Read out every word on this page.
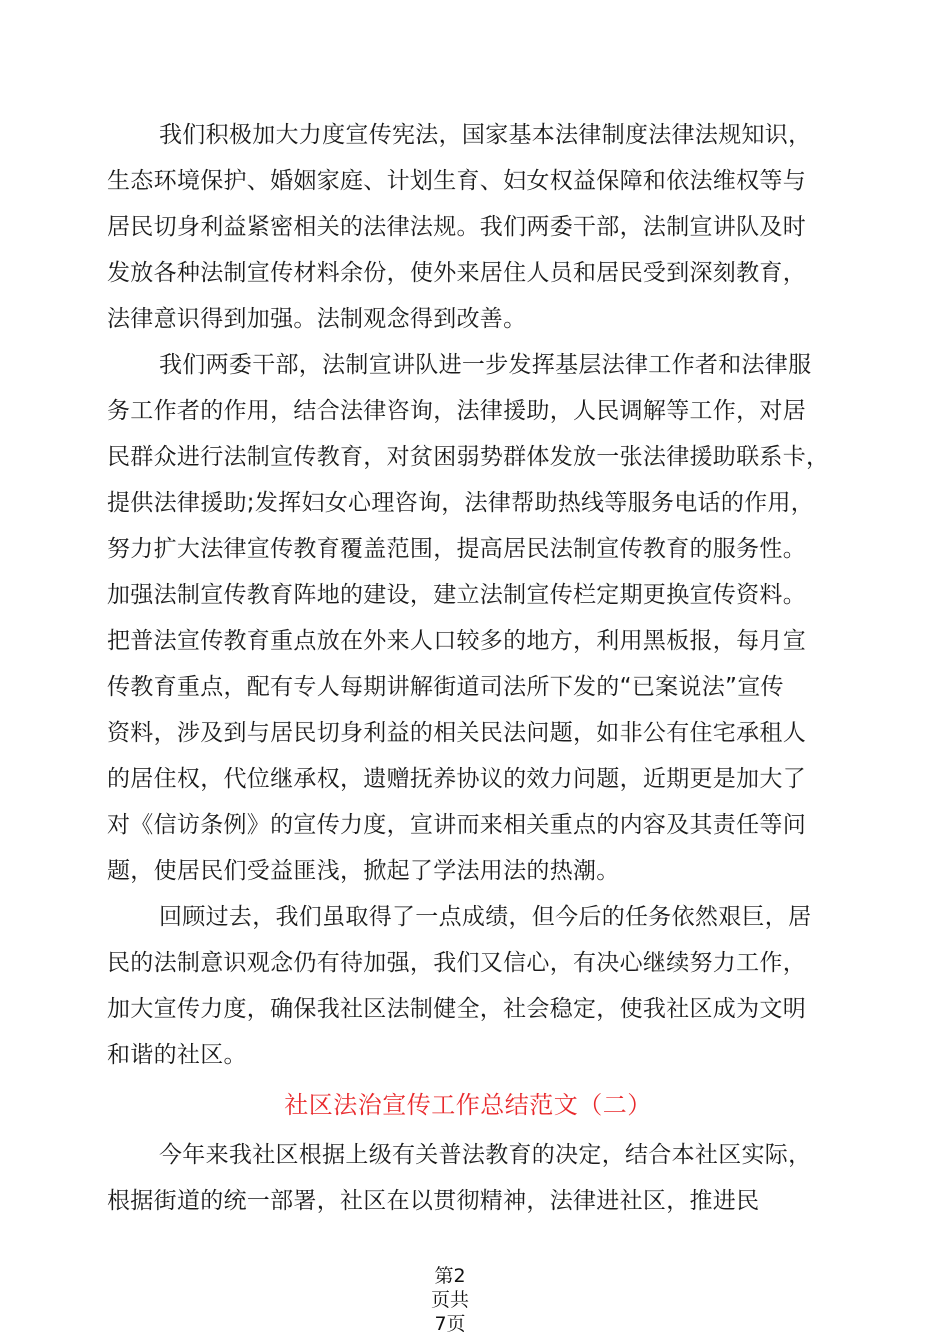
我们积极加大力度宣传宪法，国家基本法律制度法律法规知识，
生态环境保护、婚姻家庭、计划生育、妇女权益保障和依法维权等与
居民切身利益紧密相关的法律法规。我们两委干部，法制宣讲队及时
发放各种法制宣传材料余份，使外来居住人员和居民受到深刻教育，
法律意识得到加强。法制观念得到改善。
我们两委干部，法制宣讲队进一步发挥基层法律工作者和法律服
务工作者的作用，结合法律咨询，法律援助，人民调解等工作，对居
民群众进行法制宣传教育，对贫困弱势群体发放一张法律援助联系卡，
提供法律援助;发挥妇女心理咨询，法律帮助热线等服务电话的作用，
努力扩大法律宣传教育覆盖范围，提高居民法制宣传教育的服务性。
加强法制宣传教育阵地的建设，建立法制宣传栏定期更换宣传资料。
把普法宣传教育重点放在外来人口较多的地方，利用黑板报，每月宣
传教育重点，配有专人每期讲解街道司法所下发的“已案说法”宣传
资料，涉及到与居民切身利益的相关民法问题，如非公有住宅承租人
的居住权，代位继承权，遗赠抚养协议的效力问题，近期更是加大了
对《信访条例》的宣传力度，宣讲而来相关重点的内容及其责任等问
题，使居民们受益匪浅，掀起了学法用法的热潮。
回顾过去，我们虽取得了一点成绩，但今后的任务依然艰巨，居
民的法制意识观念仍有待加强，我们又信心，有决心继续努力工作，
加大宣传力度，确保我社区法制健全，社会稳定，使我社区成为文明
和谐的社区。
社区法治宣传工作总结范文（二）
今年来我社区根据上级有关普法教育的决定，结合本社区实际，
根据街道的统一部署，社区在以贯彻精神，法律进社区，推进民
第2
页共
7页
